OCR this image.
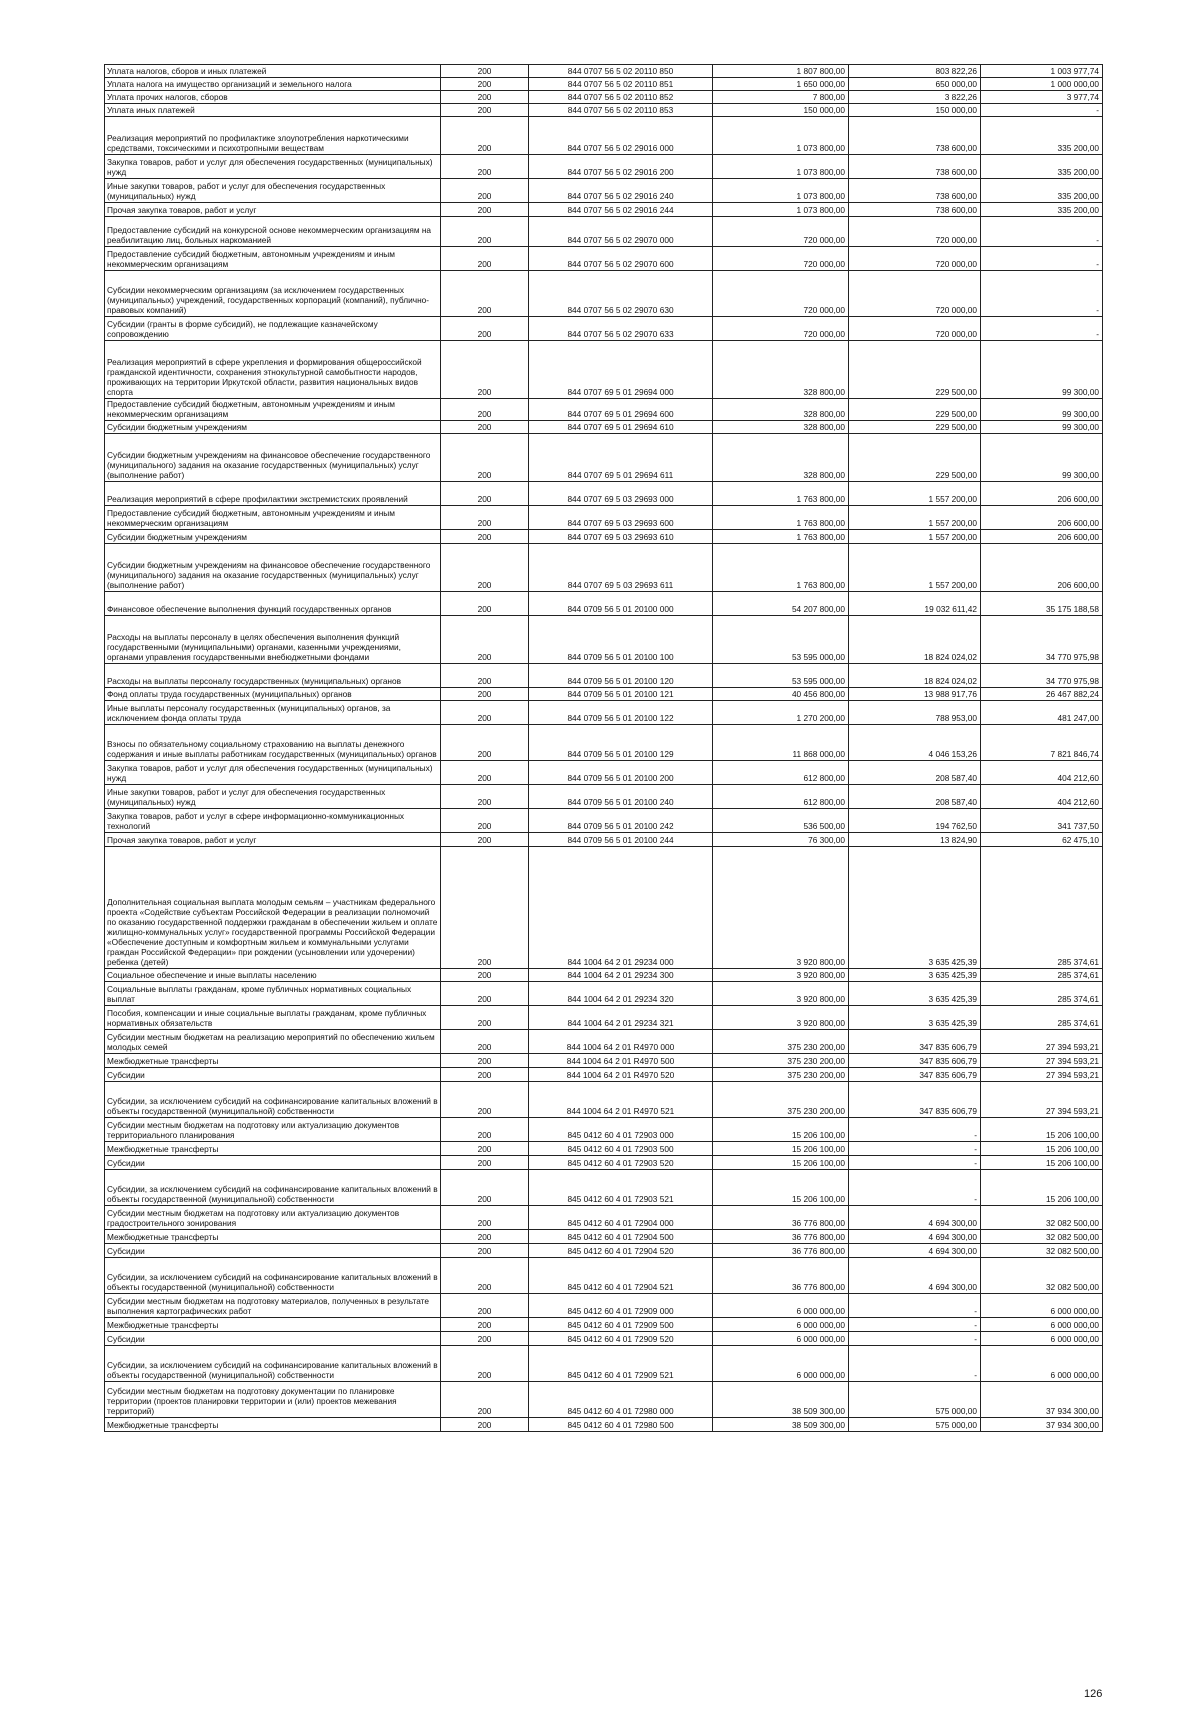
Уплата налогов, сборов и иных платежей	200	844 0707 56 5 02 20110 850	1 807 800,00	803 822,26	1 003 977,74
Уплата налога на имущество организаций и земельного налога	200	844 0707 56 5 02 20110 851	1 650 000,00	650 000,00	1 000 000,00
Уплата прочих налогов, сборов	200	844 0707 56 5 02 20110 852	7 800,00	3 822,26	3 977,74
Уплата иных платежей	200	844 0707 56 5 02 20110 853	150 000,00	150 000,00	-
Реализация мероприятий по профилактике злоупотребления наркотическими средствами, токсическими и психотропными веществам	200	844 0707 56 5 02 29016 000	1 073 800,00	738 600,00	335 200,00
Закупка товаров, работ и услуг для обеспечения государственных (муниципальных) нужд	200	844 0707 56 5 02 29016 200	1 073 800,00	738 600,00	335 200,00
Иные закупки товаров, работ и услуг для обеспечения государственных (муниципальных) нужд	200	844 0707 56 5 02 29016 240	1 073 800,00	738 600,00	335 200,00
Прочая закупка товаров, работ и услуг	200	844 0707 56 5 02 29016 244	1 073 800,00	738 600,00	335 200,00
Предоставление субсидий на конкурсной основе некоммерческим организациям на реабилитацию лиц, больных наркоманией	200	844 0707 56 5 02 29070 000	720 000,00	720 000,00	-
Предоставление субсидий бюджетным, автономным учреждениям и иным некоммерческим организациям	200	844 0707 56 5 02 29070 600	720 000,00	720 000,00	-
Субсидии некоммерческим организациям (за исключением государственных (муниципальных) учреждений, государственных корпораций (компаний), публично-правовых компаний)	200	844 0707 56 5 02 29070 630	720 000,00	720 000,00	-
Субсидии (гранты в форме субсидий), не подлежащие казначейскому сопровождению	200	844 0707 56 5 02 29070 633	720 000,00	720 000,00	-
Реализация мероприятий в сфере укрепления и формирования общероссийской гражданской идентичности, сохранения этнокультурной самобытности народов, проживающих на территории Иркутской области, развития национальных видов спорта	200	844 0707 69 5 01 29694 000	328 800,00	229 500,00	99 300,00
Предоставление субсидий бюджетным, автономным учреждениям и иным некоммерческим организациям	200	844 0707 69 5 01 29694 600	328 800,00	229 500,00	99 300,00
Субсидии бюджетным учреждениям	200	844 0707 69 5 01 29694 610	328 800,00	229 500,00	99 300,00
Субсидии бюджетным учреждениям на финансовое обеспечение государственного (муниципального) задания на оказание государственных (муниципальных) услуг (выполнение работ)	200	844 0707 69 5 01 29694 611	328 800,00	229 500,00	99 300,00
Реализация мероприятий в сфере профилактики экстремистских проявлений	200	844 0707 69 5 03 29693 000	1 763 800,00	1 557 200,00	206 600,00
Предоставление субсидий бюджетным, автономным учреждениям и иным некоммерческим организациям	200	844 0707 69 5 03 29693 600	1 763 800,00	1 557 200,00	206 600,00
Субсидии бюджетным учреждениям	200	844 0707 69 5 03 29693 610	1 763 800,00	1 557 200,00	206 600,00
Субсидии бюджетным учреждениям на финансовое обеспечение государственного (муниципального) задания на оказание государственных (муниципальных) услуг (выполнение работ)	200	844 0707 69 5 03 29693 611	1 763 800,00	1 557 200,00	206 600,00
Финансовое обеспечение выполнения функций государственных органов	200	844 0709 56 5 01 20100 000	54 207 800,00	19 032 611,42	35 175 188,58
Расходы на выплаты персоналу в целях обеспечения выполнения функций государственными (муниципальными) органами, казенными учреждениями, органами управления государственными внебюджетными фондами	200	844 0709 56 5 01 20100 100	53 595 000,00	18 824 024,02	34 770 975,98
Расходы на выплаты персоналу государственных (муниципальных) органов	200	844 0709 56 5 01 20100 120	53 595 000,00	18 824 024,02	34 770 975,98
Фонд оплаты труда государственных (муниципальных) органов	200	844 0709 56 5 01 20100 121	40 456 800,00	13 988 917,76	26 467 882,24
Иные выплаты персоналу государственных (муниципальных) органов, за исключением фонда оплаты труда	200	844 0709 56 5 01 20100 122	1 270 200,00	788 953,00	481 247,00
Взносы по обязательному социальному страхованию на выплаты денежного содержания и иные выплаты работникам государственных (муниципальных) органов	200	844 0709 56 5 01 20100 129	11 868 000,00	4 046 153,26	7 821 846,74
Закупка товаров, работ и услуг для обеспечения государственных (муниципальных) нужд	200	844 0709 56 5 01 20100 200	612 800,00	208 587,40	404 212,60
Иные закупки товаров, работ и услуг для обеспечения государственных (муниципальных) нужд	200	844 0709 56 5 01 20100 240	612 800,00	208 587,40	404 212,60
Закупка товаров, работ и услуг в сфере информационно-коммуникационных технологий	200	844 0709 56 5 01 20100 242	536 500,00	194 762,50	341 737,50
Прочая закупка товаров, работ и услуг	200	844 0709 56 5 01 20100 244	76 300,00	13 824,90	62 475,10
Дополнительная социальная выплата молодым семьям – участникам федерального проекта «Содействие субъектам Российской Федерации в реализации полномочий по оказанию государственной поддержки гражданам в обеспечении жильем и оплате жилищно-коммунальных услуг» государственной программы Российской Федерации «Обеспечение доступным и комфортным жильем и коммунальными услугами граждан Российской Федерации» при рождении (усыновлении или удочерении) ребенка (детей)	200	844 1004 64 2 01 29234 000	3 920 800,00	3 635 425,39	285 374,61
Социальное обеспечение и иные выплаты населению	200	844 1004 64 2 01 29234 300	3 920 800,00	3 635 425,39	285 374,61
Социальные выплаты гражданам, кроме публичных нормативных социальных выплат	200	844 1004 64 2 01 29234 320	3 920 800,00	3 635 425,39	285 374,61
Пособия, компенсации и иные социальные выплаты гражданам, кроме публичных нормативных обязательств	200	844 1004 64 2 01 29234 321	3 920 800,00	3 635 425,39	285 374,61
Субсидии местным бюджетам на реализацию мероприятий по обеспечению жильем молодых семей	200	844 1004 64 2 01 R4970 000	375 230 200,00	347 835 606,79	27 394 593,21
Межбюджетные трансферты	200	844 1004 64 2 01 R4970 500	375 230 200,00	347 835 606,79	27 394 593,21
Субсидии	200	844 1004 64 2 01 R4970 520	375 230 200,00	347 835 606,79	27 394 593,21
Субсидии, за исключением субсидий на софинансирование капитальных вложений в объекты государственной (муниципальной) собственности	200	844 1004 64 2 01 R4970 521	375 230 200,00	347 835 606,79	27 394 593,21
Субсидии местным бюджетам на подготовку или актуализацию документов территориального планирования	200	845 0412 60 4 01 72903 000	15 206 100,00	-	15 206 100,00
Межбюджетные трансферты	200	845 0412 60 4 01 72903 500	15 206 100,00	-	15 206 100,00
Субсидии	200	845 0412 60 4 01 72903 520	15 206 100,00	-	15 206 100,00
Субсидии, за исключением субсидий на софинансирование капитальных вложений в объекты государственной (муниципальной) собственности	200	845 0412 60 4 01 72903 521	15 206 100,00	-	15 206 100,00
Субсидии местным бюджетам на подготовку или актуализацию документов градостроительного зонирования	200	845 0412 60 4 01 72904 000	36 776 800,00	4 694 300,00	32 082 500,00
Межбюджетные трансферты	200	845 0412 60 4 01 72904 500	36 776 800,00	4 694 300,00	32 082 500,00
Субсидии	200	845 0412 60 4 01 72904 520	36 776 800,00	4 694 300,00	32 082 500,00
Субсидии, за исключением субсидий на софинансирование капитальных вложений в объекты государственной (муниципальной) собственности	200	845 0412 60 4 01 72904 521	36 776 800,00	4 694 300,00	32 082 500,00
Субсидии местным бюджетам на подготовку материалов, полученных в результате выполнения картографических работ	200	845 0412 60 4 01 72909 000	6 000 000,00	-	6 000 000,00
Межбюджетные трансферты	200	845 0412 60 4 01 72909 500	6 000 000,00	-	6 000 000,00
Субсидии	200	845 0412 60 4 01 72909 520	6 000 000,00	-	6 000 000,00
Субсидии, за исключением субсидий на софинансирование капитальных вложений в объекты государственной (муниципальной) собственности	200	845 0412 60 4 01 72909 521	6 000 000,00	-	6 000 000,00
Субсидии местным бюджетам на подготовку документации по планировке территории (проектов планировки территории и (или) проектов межевания территорий)	200	845 0412 60 4 01 72980 000	38 509 300,00	575 000,00	37 934 300,00
Межбюджетные трансферты	200	845 0412 60 4 01 72980 500	38 509 300,00	575 000,00	37 934 300,00
126
